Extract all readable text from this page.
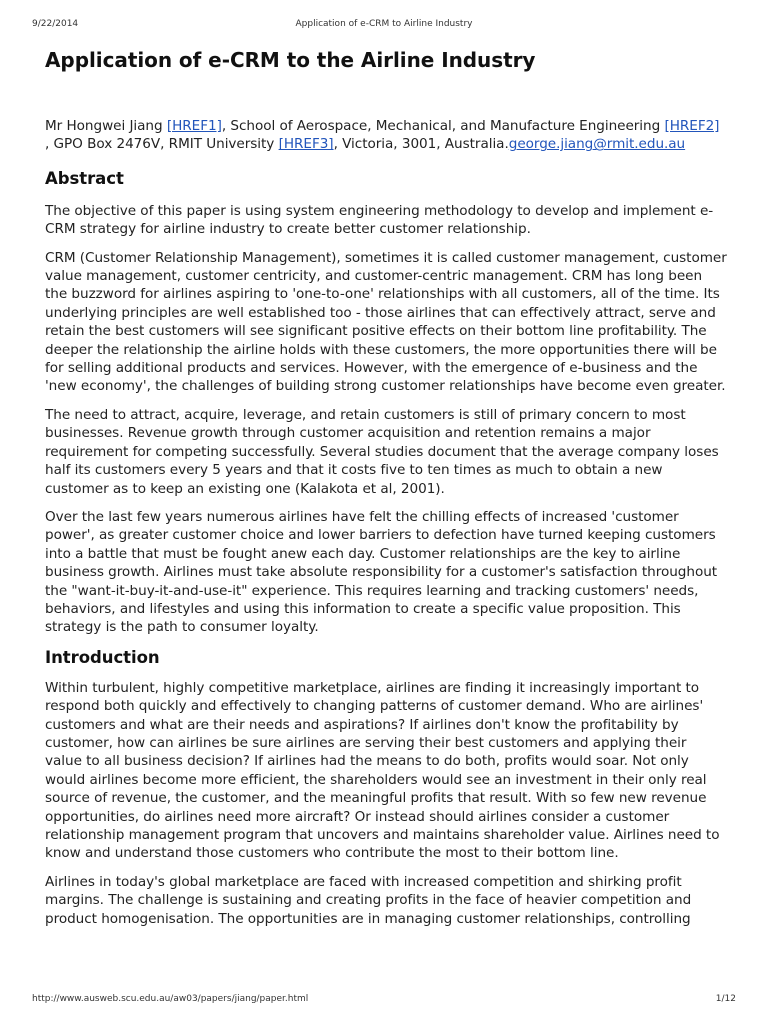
9/22/2014	Application of e-CRM to Airline Industry
Application of e-CRM to the Airline Industry

Mr Hongwei Jiang [HREF1], School of Aerospace, Mechanical, and Manufacture Engineering [HREF2] , GPO Box 2476V, RMIT University [HREF3], Victoria, 3001, Australia.george.jiang@rmit.edu.au

Abstract

The objective of this paper is using system engineering methodology to develop and implement e-CRM strategy for airline industry to create better customer relationship.

CRM (Customer Relationship Management), sometimes it is called customer management, customer value management, customer centricity, and customer-centric management. CRM has long been the buzzword for airlines aspiring to 'one-to-one' relationships with all customers, all of the time. Its underlying principles are well established too - those airlines that can effectively attract, serve and retain the best customers will see significant positive effects on their bottom line profitability. The deeper the relationship the airline holds with these customers, the more opportunities there will be for selling additional products and services. However, with the emergence of e-business and the 'new economy', the challenges of building strong customer relationships have become even greater.

The need to attract, acquire, leverage, and retain customers is still of primary concern to most businesses. Revenue growth through customer acquisition and retention remains a major requirement for competing successfully. Several studies document that the average company loses half its customers every 5 years and that it costs five to ten times as much to obtain a new customer as to keep an existing one (Kalakota et al, 2001).

Over the last few years numerous airlines have felt the chilling effects of increased 'customer power', as greater customer choice and lower barriers to defection have turned keeping customers into a battle that must be fought anew each day. Customer relationships are the key to airline business growth. Airlines must take absolute responsibility for a customer's satisfaction throughout the "want-it-buy-it-and-use-it" experience. This requires learning and tracking customers' needs, behaviors, and lifestyles and using this information to create a specific value proposition. This strategy is the path to consumer loyalty.

Introduction

Within turbulent, highly competitive marketplace, airlines are finding it increasingly important to respond both quickly and effectively to changing patterns of customer demand. Who are airlines' customers and what are their needs and aspirations? If airlines don't know the profitability by customer, how can airlines be sure airlines are serving their best customers and applying their value to all business decision? If airlines had the means to do both, profits would soar. Not only would airlines become more efficient, the shareholders would see an investment in their only real source of revenue, the customer, and the meaningful profits that result. With so few new revenue opportunities, do airlines need more aircraft? Or instead should airlines consider a customer relationship management program that uncovers and maintains shareholder value. Airlines need to know and understand those customers who contribute the most to their bottom line.

Airlines in today's global marketplace are faced with increased competition and shirking profit margins. The challenge is sustaining and creating profits in the face of heavier competition and product homogenisation. The opportunities are in managing customer relationships, controlling

http://www.ausweb.scu.edu.au/aw03/papers/jiang/paper.html	1/12
